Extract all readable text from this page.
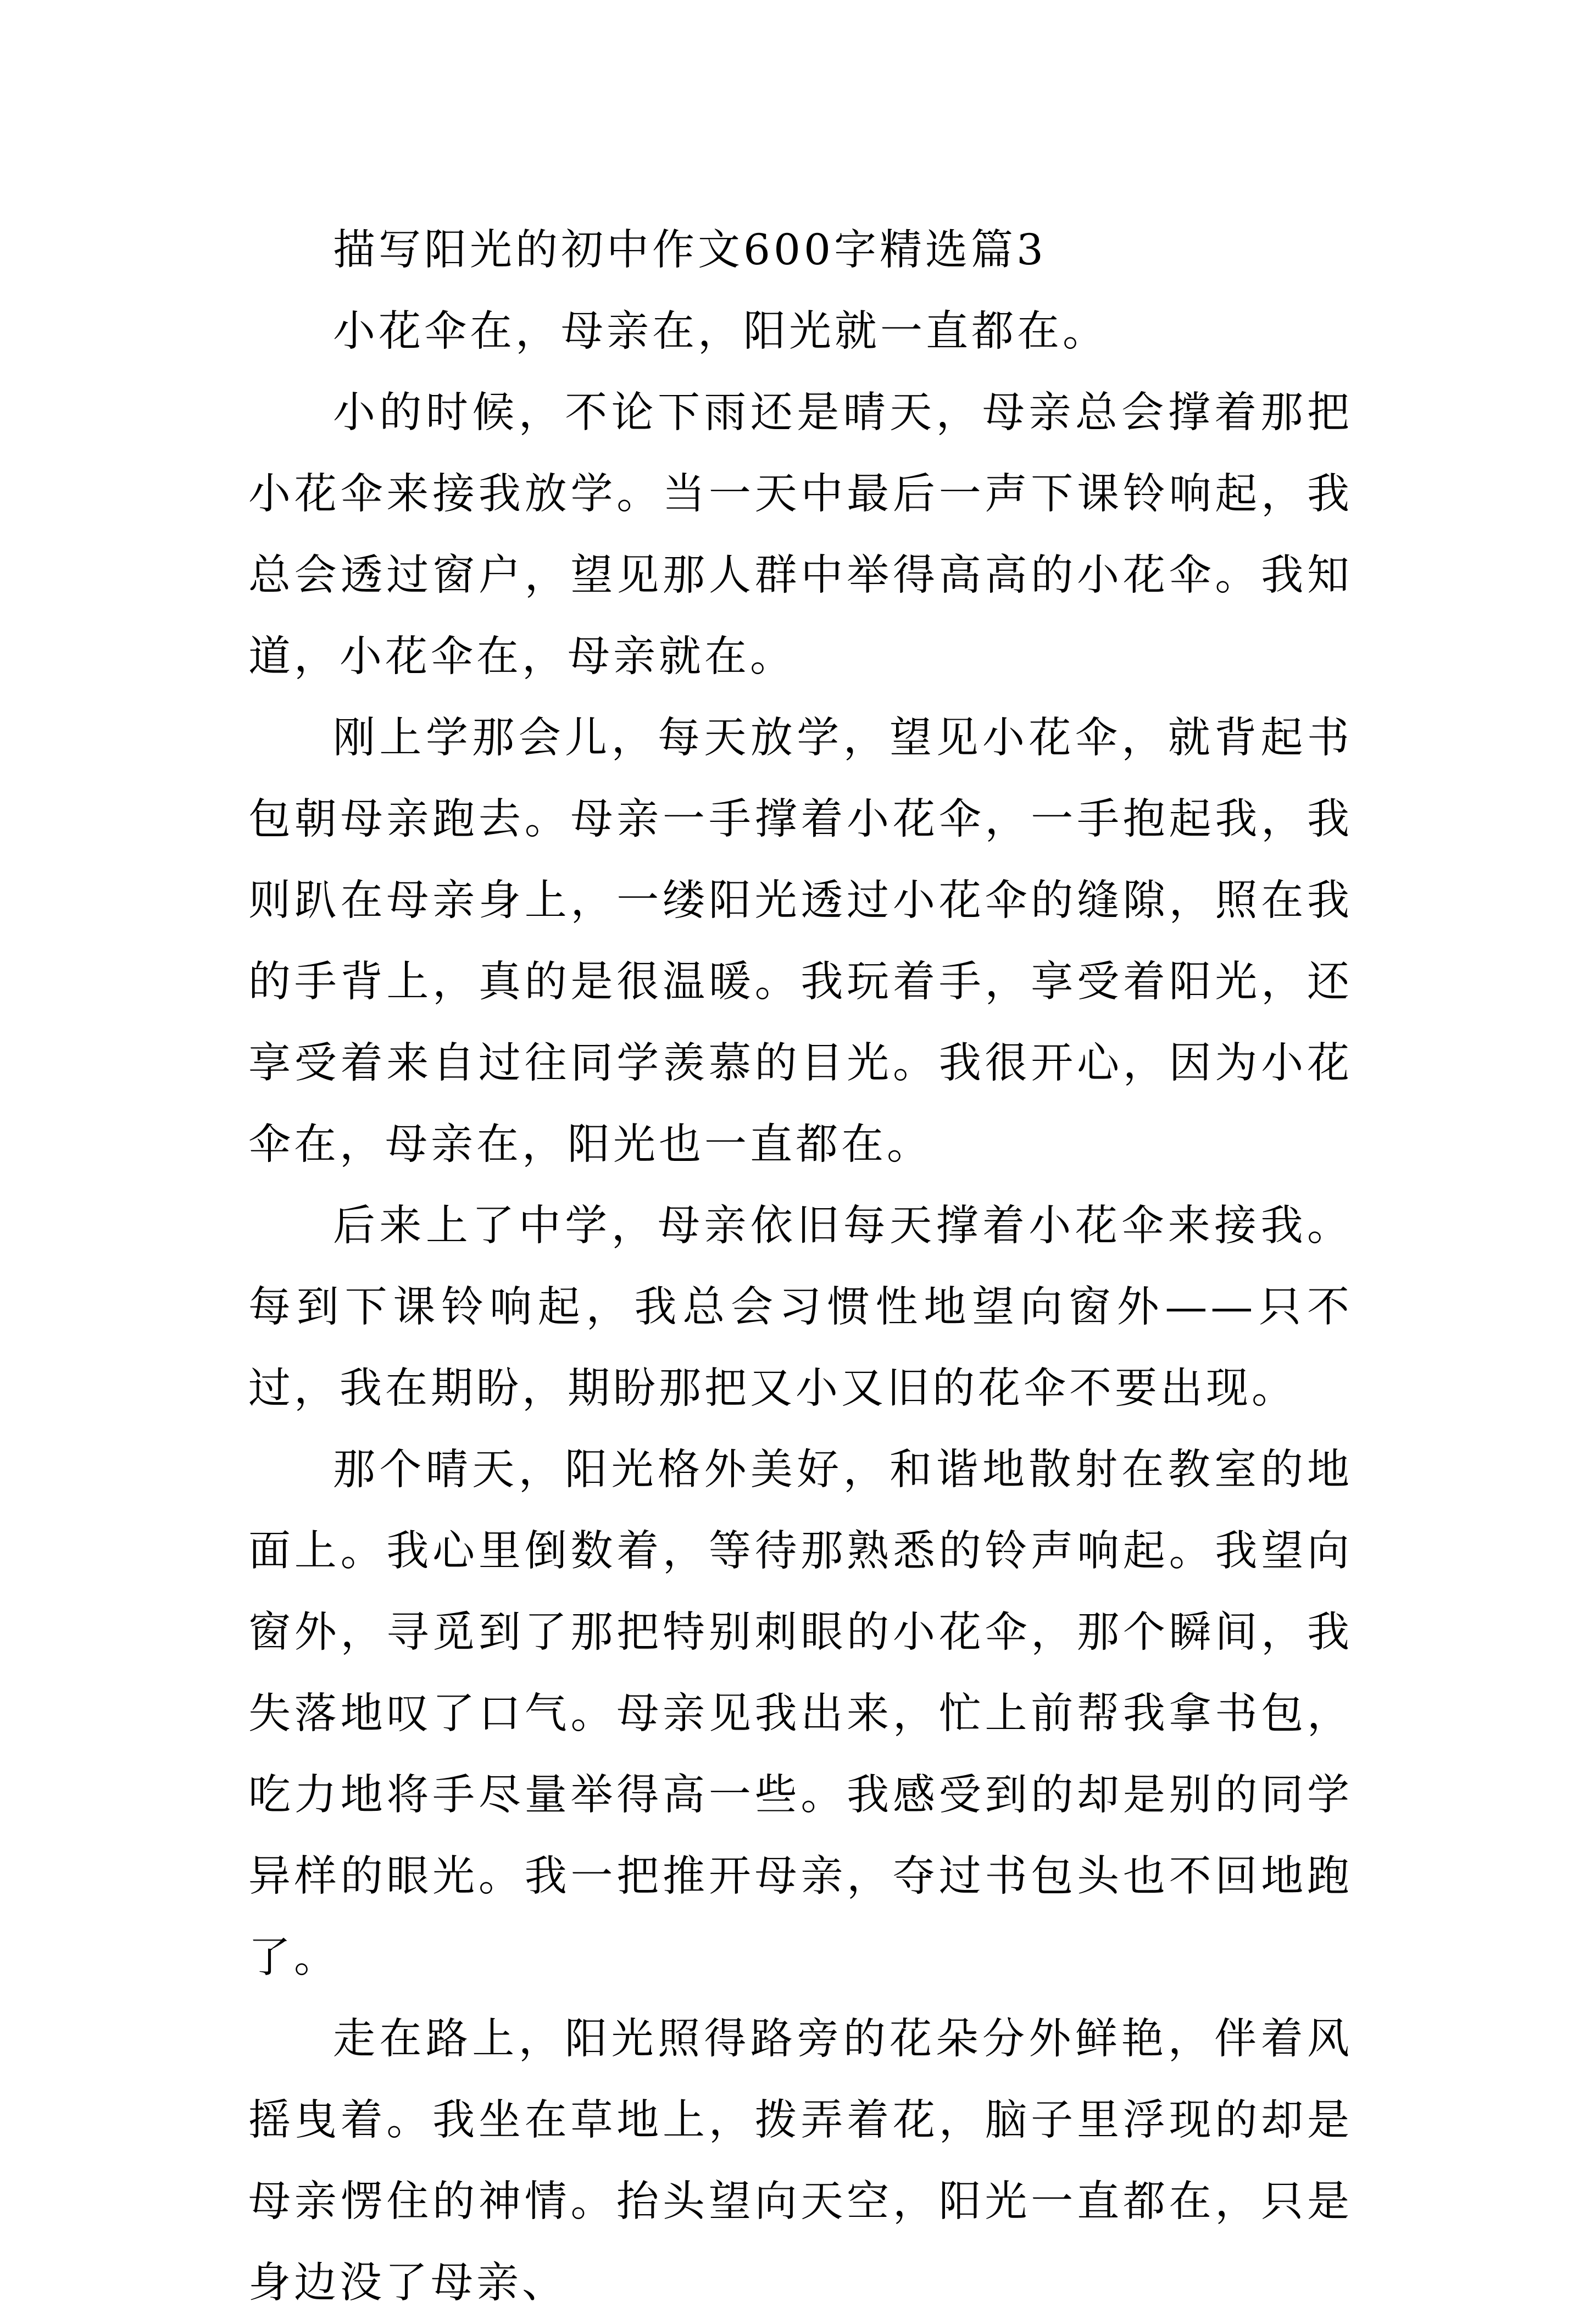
描写阳光的初中作文600字精选篇3

小花伞在，母亲在，阳光就一直都在。

小的时候，不论下雨还是晴天，母亲总会撑着那把小花伞来接我放学。当一天中最后一声下课铃响起，我总会透过窗户，望见那人群中举得高高的小花伞。我知道，小花伞在，母亲就在。

刚上学那会儿，每天放学，望见小花伞，就背起书包朝母亲跑去。母亲一手撑着小花伞，一手抱起我，我则趴在母亲身上，一缕阳光透过小花伞的缝隙，照在我的手背上，真的是很温暖。我玩着手，享受着阳光，还享受着来自过往同学羡慕的目光。我很开心，因为小花伞在，母亲在，阳光也一直都在。

后来上了中学，母亲依旧每天撑着小花伞来接我。每到下课铃响起，我总会习惯性地望向窗外——只不过，我在期盼，期盼那把又小又旧的花伞不要出现。

那个晴天，阳光格外美好，和谐地散射在教室的地面上。我心里倒数着，等待那熟悉的铃声响起。我望向窗外，寻觅到了那把特别刺眼的小花伞，那个瞬间，我失落地叹了口气。母亲见我出来，忙上前帮我拿书包，吃力地将手尽量举得高一些。我感受到的却是别的同学异样的眼光。我一把推开母亲，夺过书包头也不回地跑了。

走在路上，阳光照得路旁的花朵分外鲜艳，伴着风摇曳着。我坐在草地上，拨弄着花，脑子里浮现的却是母亲愣住的神情。抬头望向天空，阳光一直都在，只是身边没了母亲、
